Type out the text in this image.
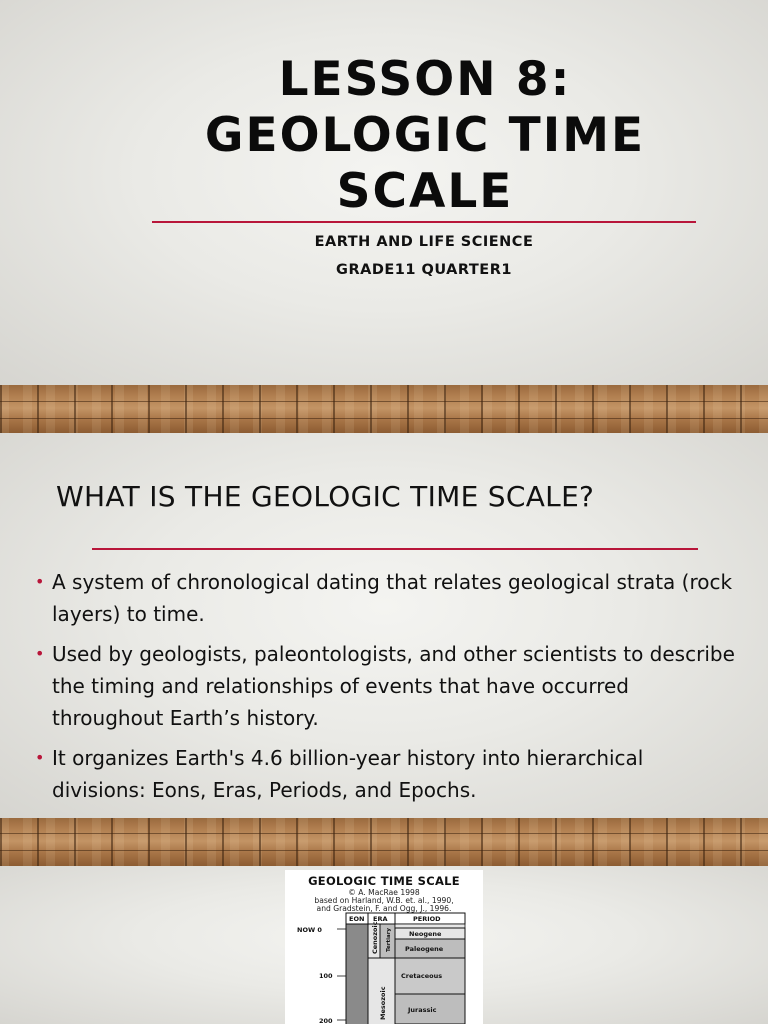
LESSON 8:
GEOLOGIC TIME
SCALE
EARTH AND LIFE SCIENCE
GRADE11 QUARTER1
WHAT IS THE GEOLOGIC TIME SCALE?
• A system of chronological dating that relates geological strata (rock layers) to time.
• Used by geologists, paleontologists, and other scientists to describe the timing and relationships of events that have occurred throughout Earth’s history.
• It organizes Earth's 4.6 billion-year history into hierarchical divisions: Eons, Eras, Periods, and Epochs.
GEOLOGIC TIME SCALE
© A. MacRae 1998
based on Harland, W.B. et. al., 1990,
and Gradstein, F. and Ogg, J., 1996.
EON ERA	PERIOD
NOW 0
100
200
Cenozoic Tertiary
Mesozoic
Neogene
Paleogene
Cretaceous
Jurassic
